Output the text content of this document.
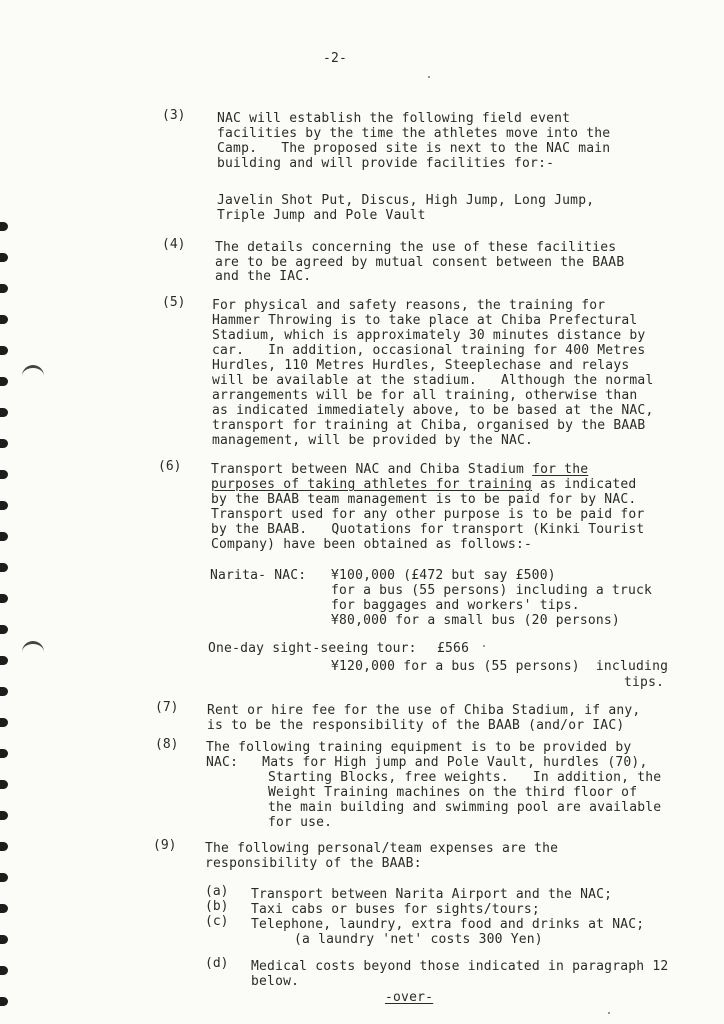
-2-
(3) NAC will establish the following field event
facilities by the time the athletes move into the
Camp.   The proposed site is next to the NAC main
building and will provide facilities for:-
Javelin Shot Put, Discus, High Jump, Long Jump,
Triple Jump and Pole Vault
(4) The details concerning the use of these facilities
are to be agreed by mutual consent between the BAAB
and the IAC.
(5) For physical and safety reasons, the training for
Hammer Throwing is to take place at Chiba Prefectural
Stadium, which is approximately 30 minutes distance by
car.   In addition, occasional training for 400 Metres
Hurdles, 110 Metres Hurdles, Steeplechase and relays
will be available at the stadium.   Although the normal
arrangements will be for all training, otherwise than
as indicated immediately above, to be based at the NAC,
transport for training at Chiba, organised by the BAAB
management, will be provided by the NAC.
(6) Transport between NAC and Chiba Stadium for the
purposes of taking athletes for training as indicated
by the BAAB team management is to be paid for by NAC.
Transport used for any other purpose is to be paid for
by the BAAB.   Quotations for transport (Kinki Tourist
Company) have been obtained as follows:-
Narita- NAC: ¥100,000 (£472 but say £500)
for a bus (55 persons) including a truck
for baggages and workers' tips.
¥80,000 for a small bus (20 persons)
One-day sight-seeing tour: £566
¥120,000 for a bus (55 persons)  including
tips.
(7) Rent or hire fee for the use of Chiba Stadium, if any,
is to be the responsibility of the BAAB (and/or IAC)
(8) The following training equipment is to be provided by
NAC:   Mats for High jump and Pole Vault, hurdles (70),
Starting Blocks, free weights.   In addition, the
Weight Training machines on the third floor of
the main building and swimming pool are available
for use.
(9) The following personal/team expenses are the
responsibility of the BAAB:
(a) Transport between Narita Airport and the NAC;
(b) Taxi cabs or buses for sights/tours;
(c) Telephone, laundry, extra food and drinks at NAC;
(a laundry 'net' costs 300 Yen)
(d) Medical costs beyond those indicated in paragraph 12
below.
-over-
